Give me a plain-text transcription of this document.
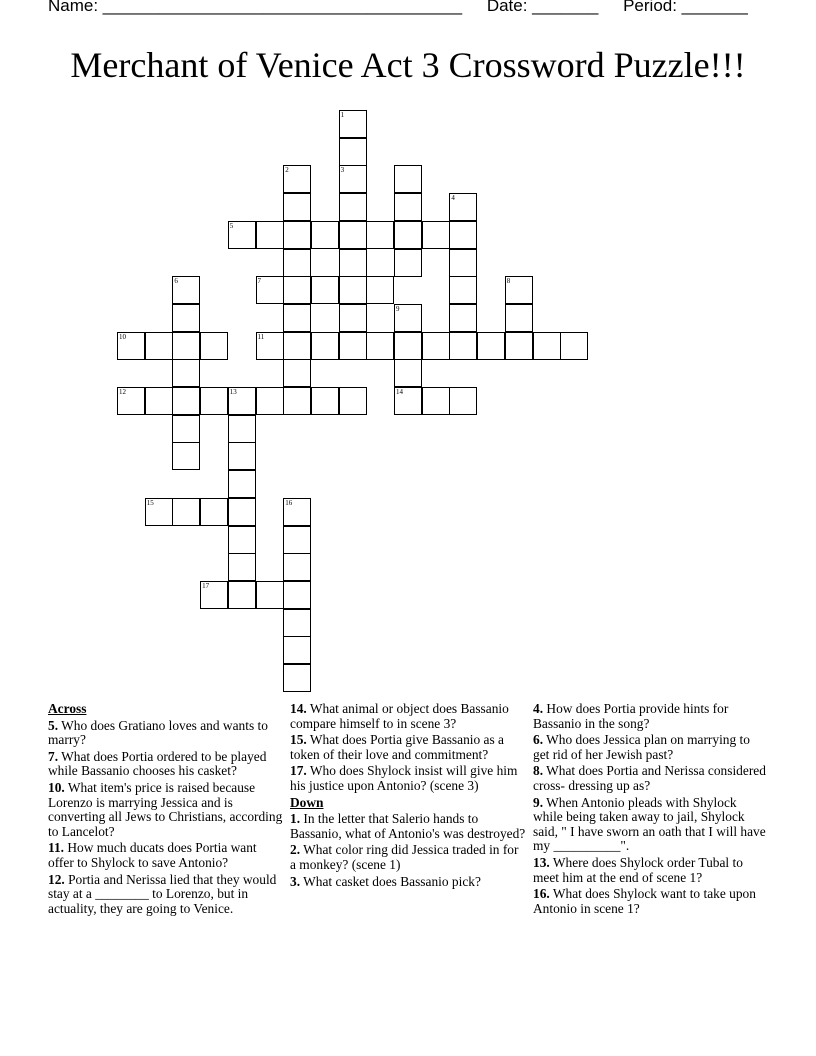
Name: ______________________________________ Date: _______ Period: _______
Merchant of Venice Act 3 Crossword Puzzle!!!
1
3
2
4
5
6	7	8
9
10	11
12	13	14
15	16
17
Across
5. Who does Gratiano loves and wants to marry?
7. What does Portia ordered to be played while Bassanio chooses his casket?
10. What item's price is raised because Lorenzo is marrying Jessica and is converting all Jews to Christians, according to Lancelot?
11. How much ducats does Portia want offer to Shylock to save Antonio?
12. Portia and Nerissa lied that they would stay at a ________ to Lorenzo, but in actuality, they are going to Venice.
14. What animal or object does Bassanio compare himself to in scene 3?
15. What does Portia give Bassanio as a token of their love and commitment?
17. Who does Shylock insist will give him his justice upon Antonio? (scene 3)
Down
1. In the letter that Salerio hands to Bassanio, what of Antonio's was destroyed?
2. What color ring did Jessica traded in for a monkey? (scene 1)
3. What casket does Bassanio pick?
4. How does Portia provide hints for Bassanio in the song?
6. Who does Jessica plan on marrying to get rid of her Jewish past?
8. What does Portia and Nerissa considered cross- dressing up as?
9. When Antonio pleads with Shylock while being taken away to jail, Shylock said, " I have sworn an oath that I will have my __________".
13. Where does Shylock order Tubal to meet him at the end of scene 1?
16. What does Shylock want to take upon Antonio in scene 1?
